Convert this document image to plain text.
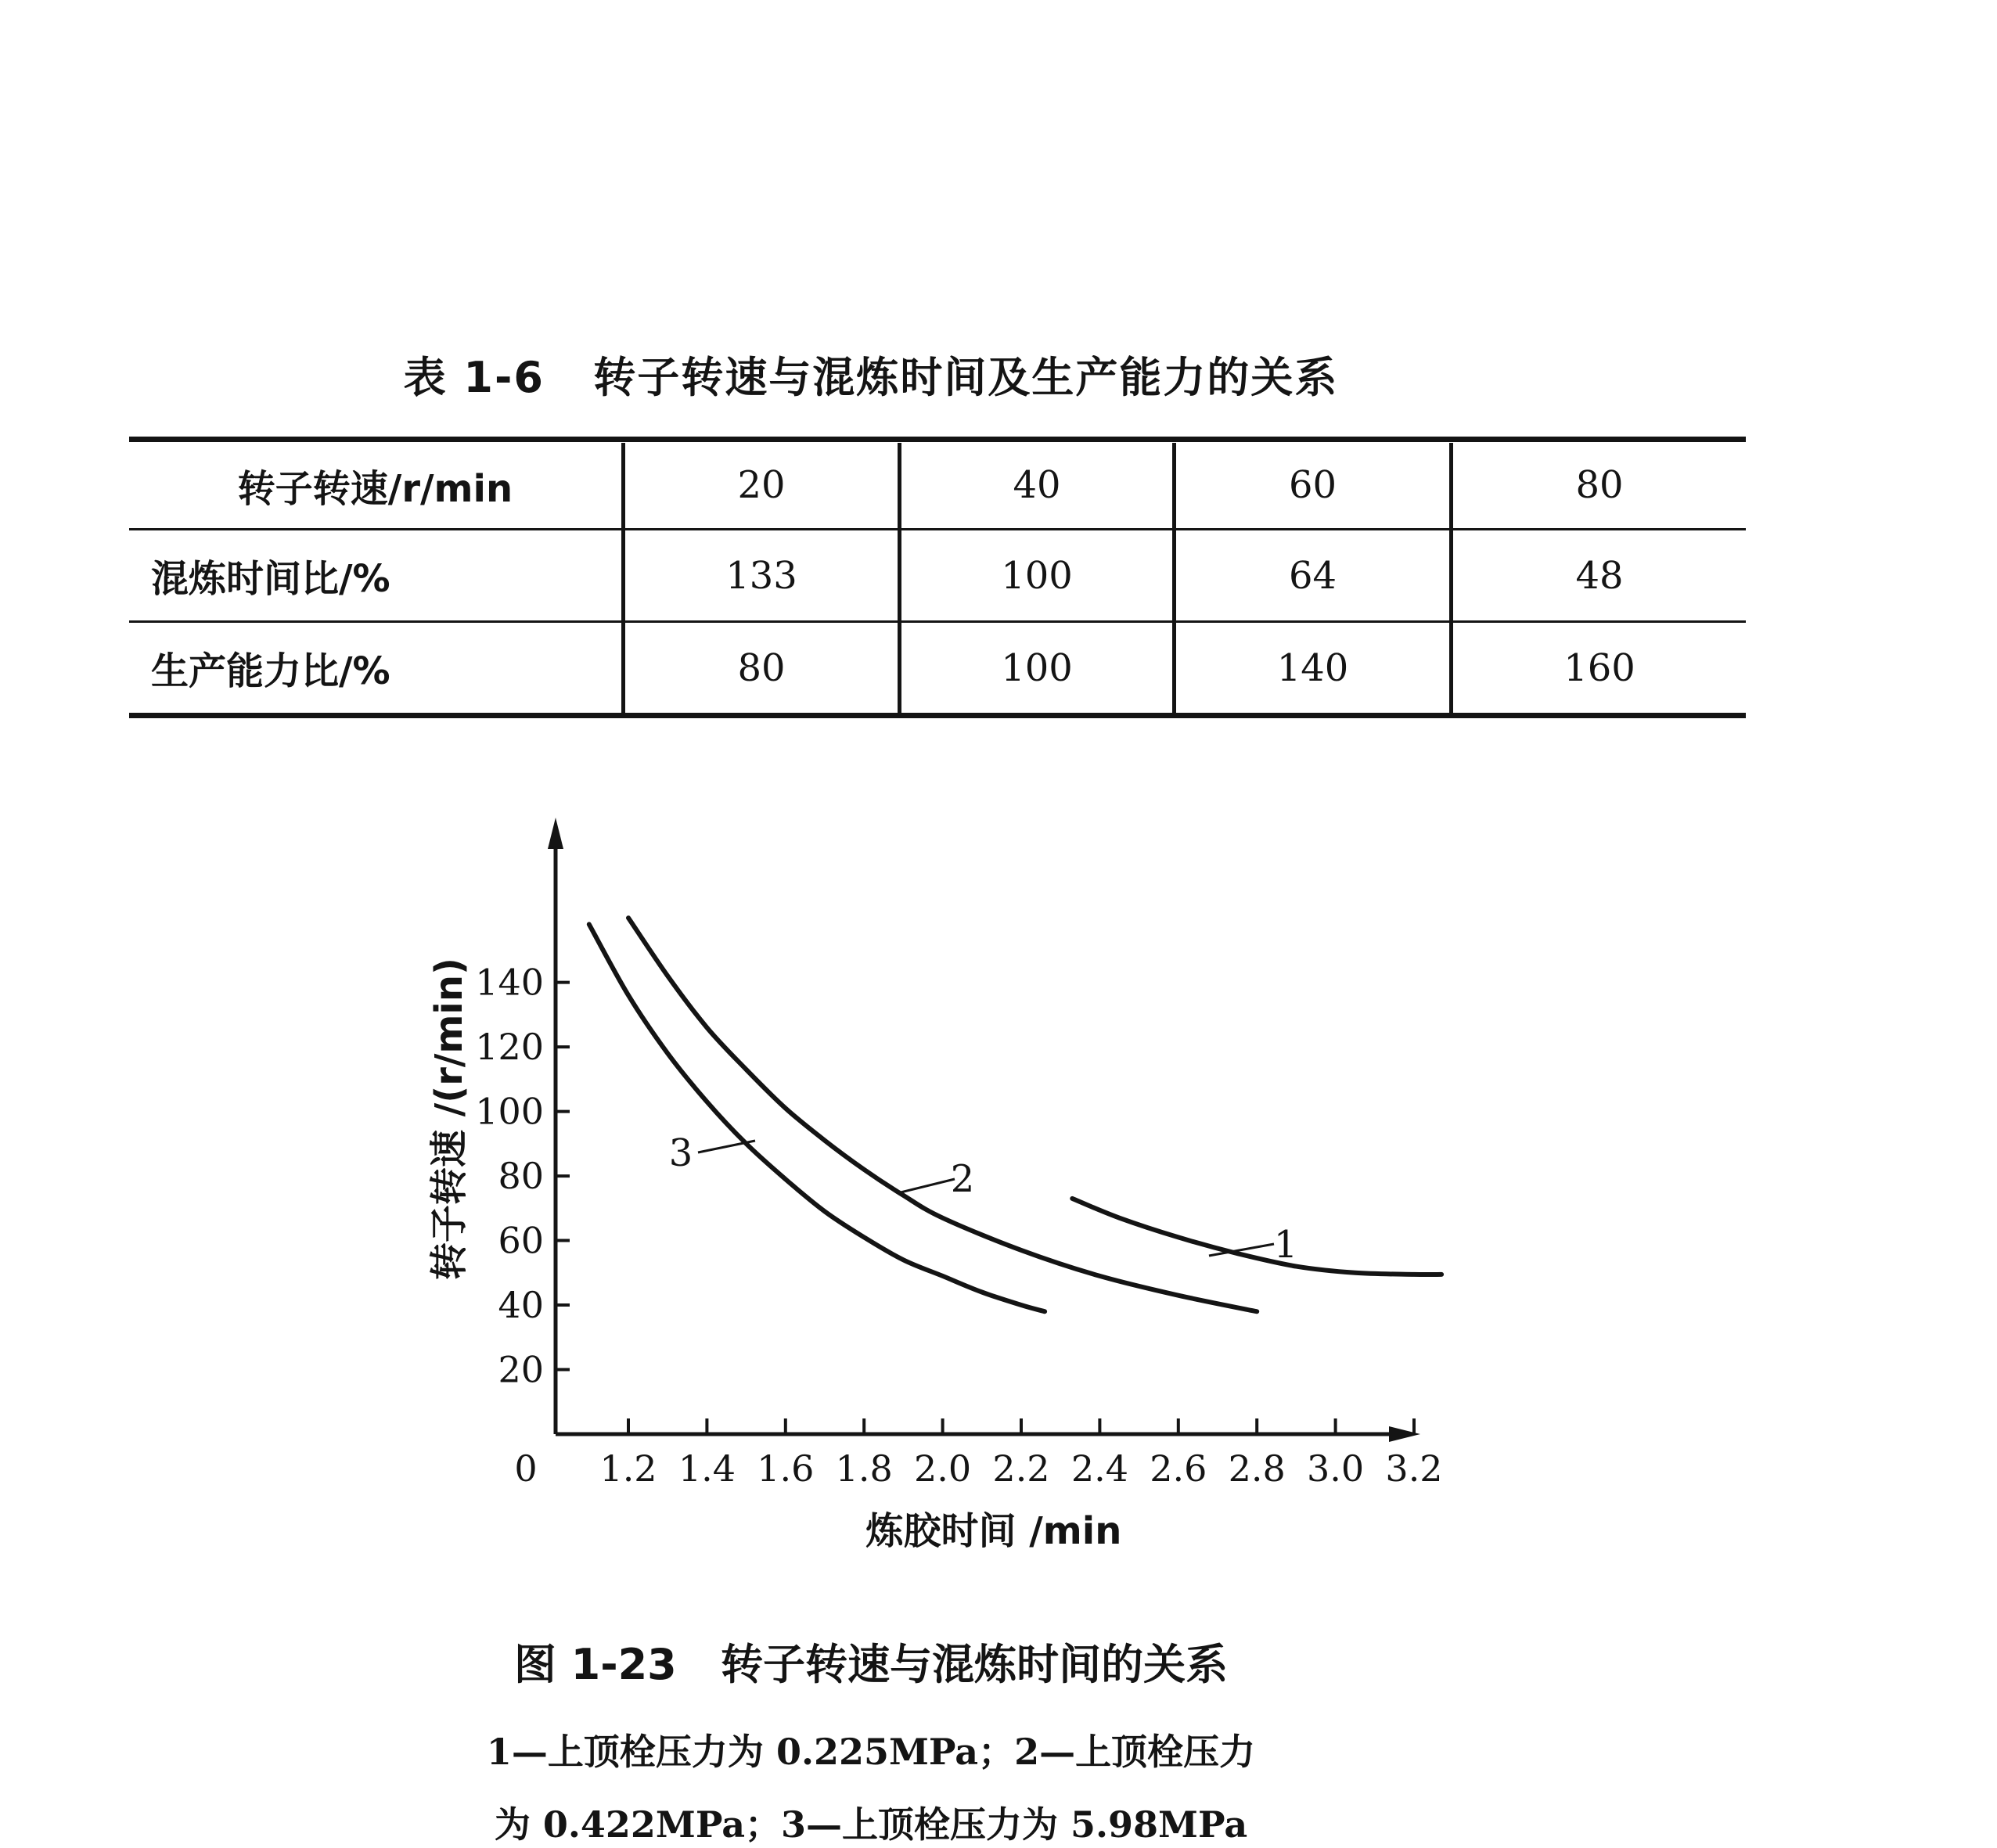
表 1-6   转子转速与混炼时间及生产能力的关系
转子转速/r/min	20	40	60	80
混炼时间比/%	133	100	64	48
生产能力比/%	80	100	140	160
1.2 1.4 1.6 1.8 2.0 2.2 2.4 2.6 2.8 3.0 3.2
0
20
40
60
80
100
120
140
炼胶时间 /min
转子转速 /(r/min)	1
2
3
图 1-23   转子转速与混炼时间的关系
1—上顶栓压力为 0.225MPa；2—上顶栓压力
为 0.422MPa；3—上顶栓压力为 5.98MPa
